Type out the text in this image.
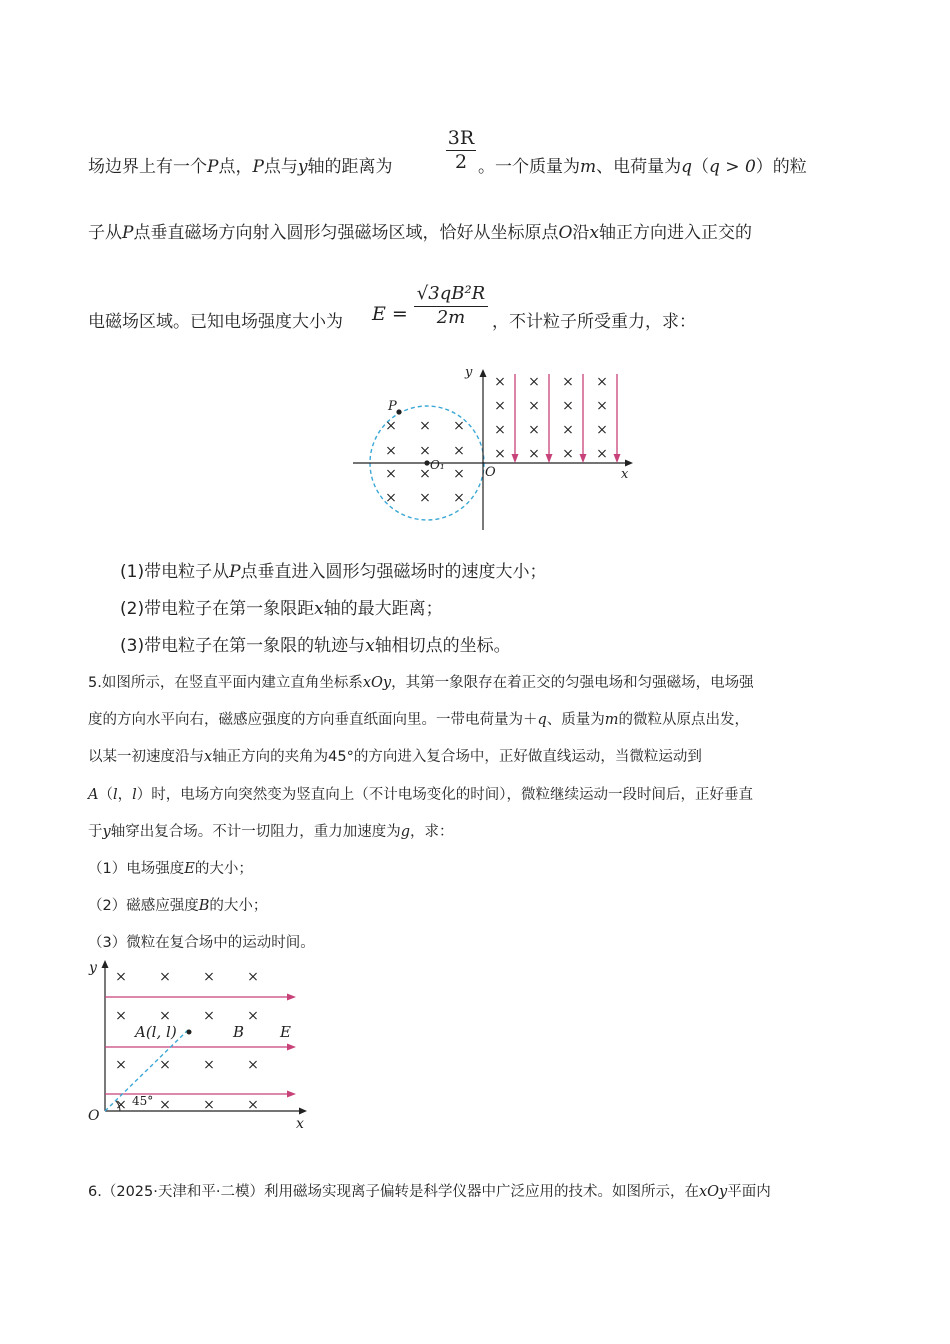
场边界上有一个P点，P点与y轴的距离为	$\frac{3R}{2}$ 。一个质量为m、电荷量为q（q > 0）的粒
子从P点垂直磁场方向射入圆形匀强磁场区域，恰好从坐标原点O沿x轴正方向进入正交的
电磁场区域。已知电场强度大小为 $E = \frac{\text{√3qB²R}}{2m}$ ，不计粒子所受重力，求：
× × ×
× × ×
× × ×
× × ×
× × × ×
× × × ×
× × × ×
× × × ×
P
O₁	O
y
x
(1)带电粒子从P点垂直进入圆形匀强磁场时的速度大小；
(2)带电粒子在第一象限距x轴的最大距离；
(3)带电粒子在第一象限的轨迹与x轴相切点的坐标。
5.如图所示，在竖直平面内建立直角坐标系xOy，其第一象限存在着正交的匀强电场和匀强磁场，电场强
度的方向水平向右，磁感应强度的方向垂直纸面向里。一带电荷量为＋q、质量为m的微粒从原点出发，
以某一初速度沿与x轴正方向的夹角为45°的方向进入复合场中，正好做直线运动，当微粒运动到
A（l，l）时，电场方向突然变为竖直向上（不计电场变化的时间），微粒继续运动一段时间后，正好垂直
于y轴穿出复合场。不计一切阻力，重力加速度为g，求：
（1）电场强度E的大小；
（2）磁感应强度B的大小；
（3）微粒在复合场中的运动时间。
× × × ×
× × × ×
× × × ×
× × × ×
A(l, l)	B E
45°
O
y
x
6.（2025·天津和平·二模）利用磁场实现离子偏转是科学仪器中广泛应用的技术。如图所示，在xOy平面内
